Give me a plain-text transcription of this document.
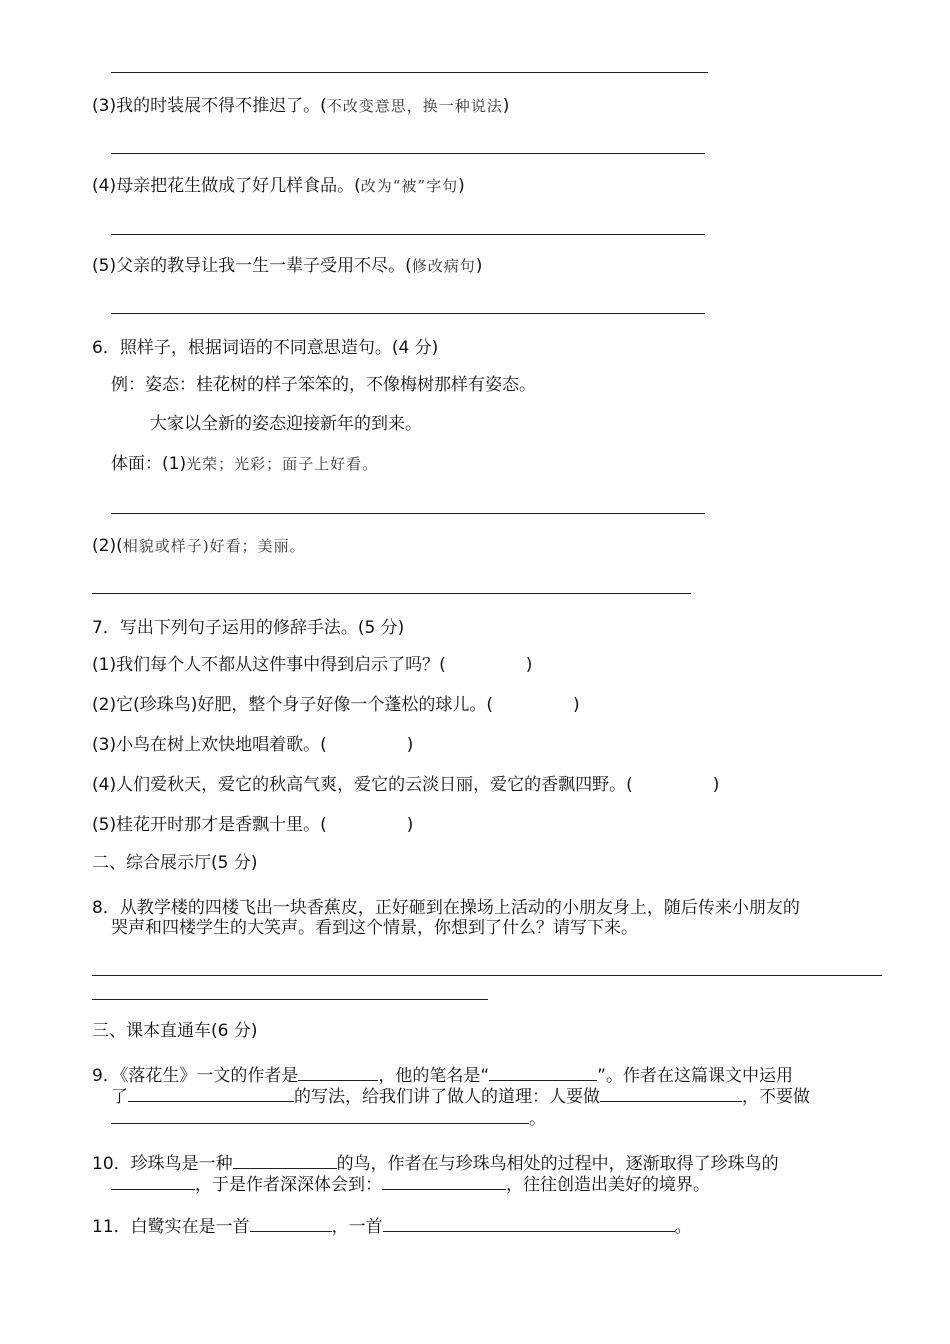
(3)我的时装展不得不推迟了。(不改变意思，换一种说法)
(4)母亲把花生做成了好几样食品。(改为“被”字句)
(5)父亲的教导让我一生一辈子受用不尽。(修改病句)
6．照样子，根据词语的不同意思造句。(4 分)
例：姿态：桂花树的样子笨笨的，不像梅树那样有姿态。
大家以全新的姿态迎接新年的到来。
体面：(1)光荣；光彩；面子上好看。
(2)(相貌或样子)好看；美丽。
7．写出下列句子运用的修辞手法。(5 分)
(1)我们每个人不都从这件事中得到启示了吗？(	)
(2)它(珍珠鸟)好肥，整个身子好像一个蓬松的球儿。(	)
(3)小鸟在树上欢快地唱着歌。(	)
(4)人们爱秋天，爱它的秋高气爽，爱它的云淡日丽，爱它的香飘四野。(	)
(5)桂花开时那才是香飘十里。(	)
二、综合展示厅(5 分)
8．从教学楼的四楼飞出一块香蕉皮，正好砸到在操场上活动的小朋友身上，随后传来小朋友的
哭声和四楼学生的大笑声。看到这个情景，你想到了什么？请写下来。
三、课本直通车(6 分)
9．《落花生》一文的作者是	，他的笔名是“	”。作者在这篇课文中运用
了	的写法，给我们讲了做人的道理：人要做	，不要做
。
10．珍珠鸟是一种	的鸟，作者在与珍珠鸟相处的过程中，逐渐取得了珍珠鸟的
，于是作者深深体会到：	，往往创造出美好的境界。
11．白鹭实在是一首	，一首	。
